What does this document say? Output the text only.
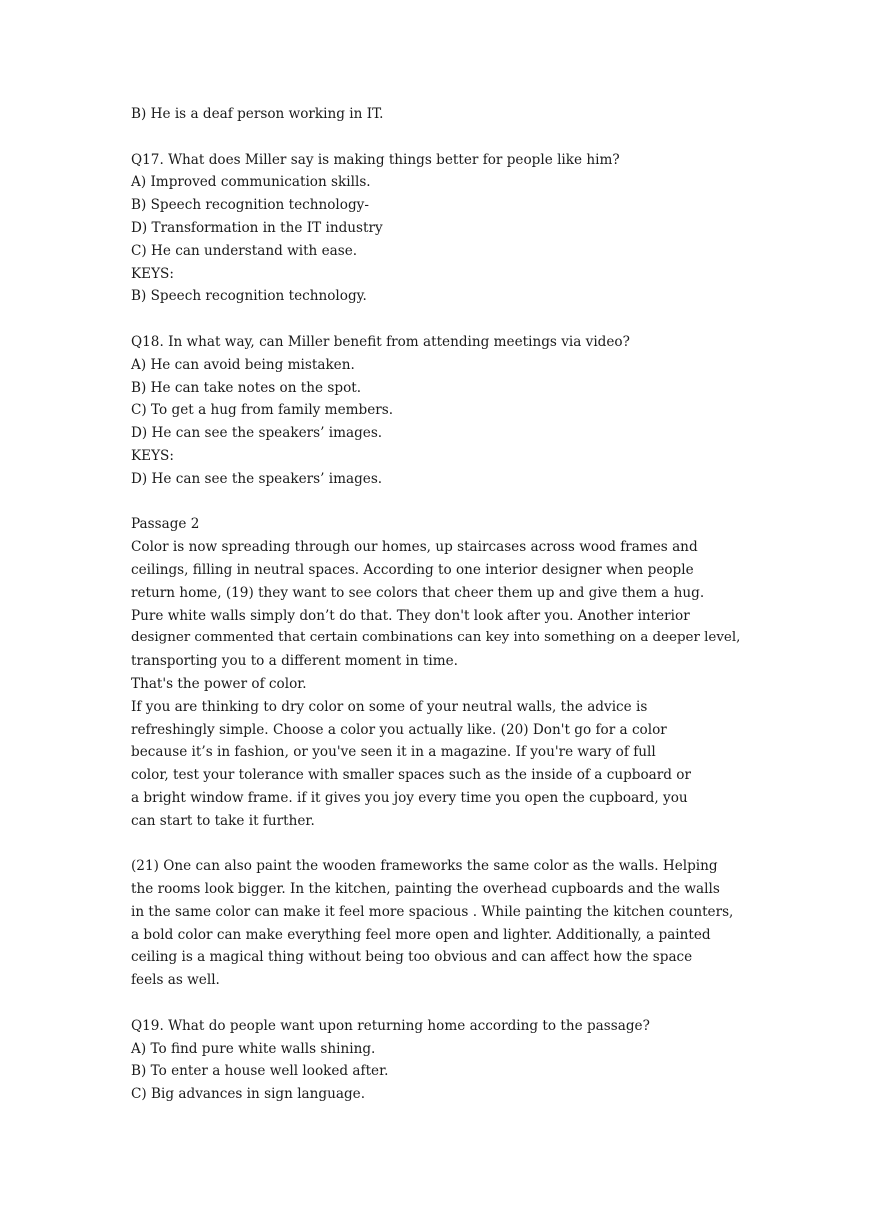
B) He is a deaf person working in IT.
Q17. What does Miller say is making things better for people like him?
A) Improved communication skills.
B) Speech recognition technology-
D) Transformation in the IT industry
C) He can understand with ease.
KEYS:
B) Speech recognition technology.
Q18. In what way, can Miller benefit from attending meetings via video?
A) He can avoid being mistaken.
B) He can take notes on the spot.
C) To get a hug from family members.
D) He can see the speakers’ images.
KEYS:
D) He can see the speakers’ images.
Passage 2
Color is now spreading through our homes, up staircases across wood frames and
ceilings, filling in neutral spaces. According to one interior designer when people
return home, (19) they want to see colors that cheer them up and give them a hug.
Pure white walls simply don’t do that. They don't look after you. Another interior
designer commented that certain combinations can key into something on a deeper level,
transporting you to a different moment in time.
That's the power of color.
If you are thinking to dry color on some of your neutral walls, the advice is
refreshingly simple. Choose a color you actually like. (20) Don't go for a color
because it’s in fashion, or you've seen it in a magazine. If you're wary of full
color, test your tolerance with smaller spaces such as the inside of a cupboard or
a bright window frame. if it gives you joy every time you open the cupboard, you
can start to take it further.
(21) One can also paint the wooden frameworks the same color as the walls. Helping
the rooms look bigger. In the kitchen, painting the overhead cupboards and the walls
in the same color can make it feel more spacious . While painting the kitchen counters,
a bold color can make everything feel more open and lighter. Additionally, a painted
ceiling is a magical thing without being too obvious and can affect how the space
feels as well.
Q19. What do people want upon returning home according to the passage?
A) To find pure white walls shining.
B) To enter a house well looked after.
C) Big advances in sign language.
